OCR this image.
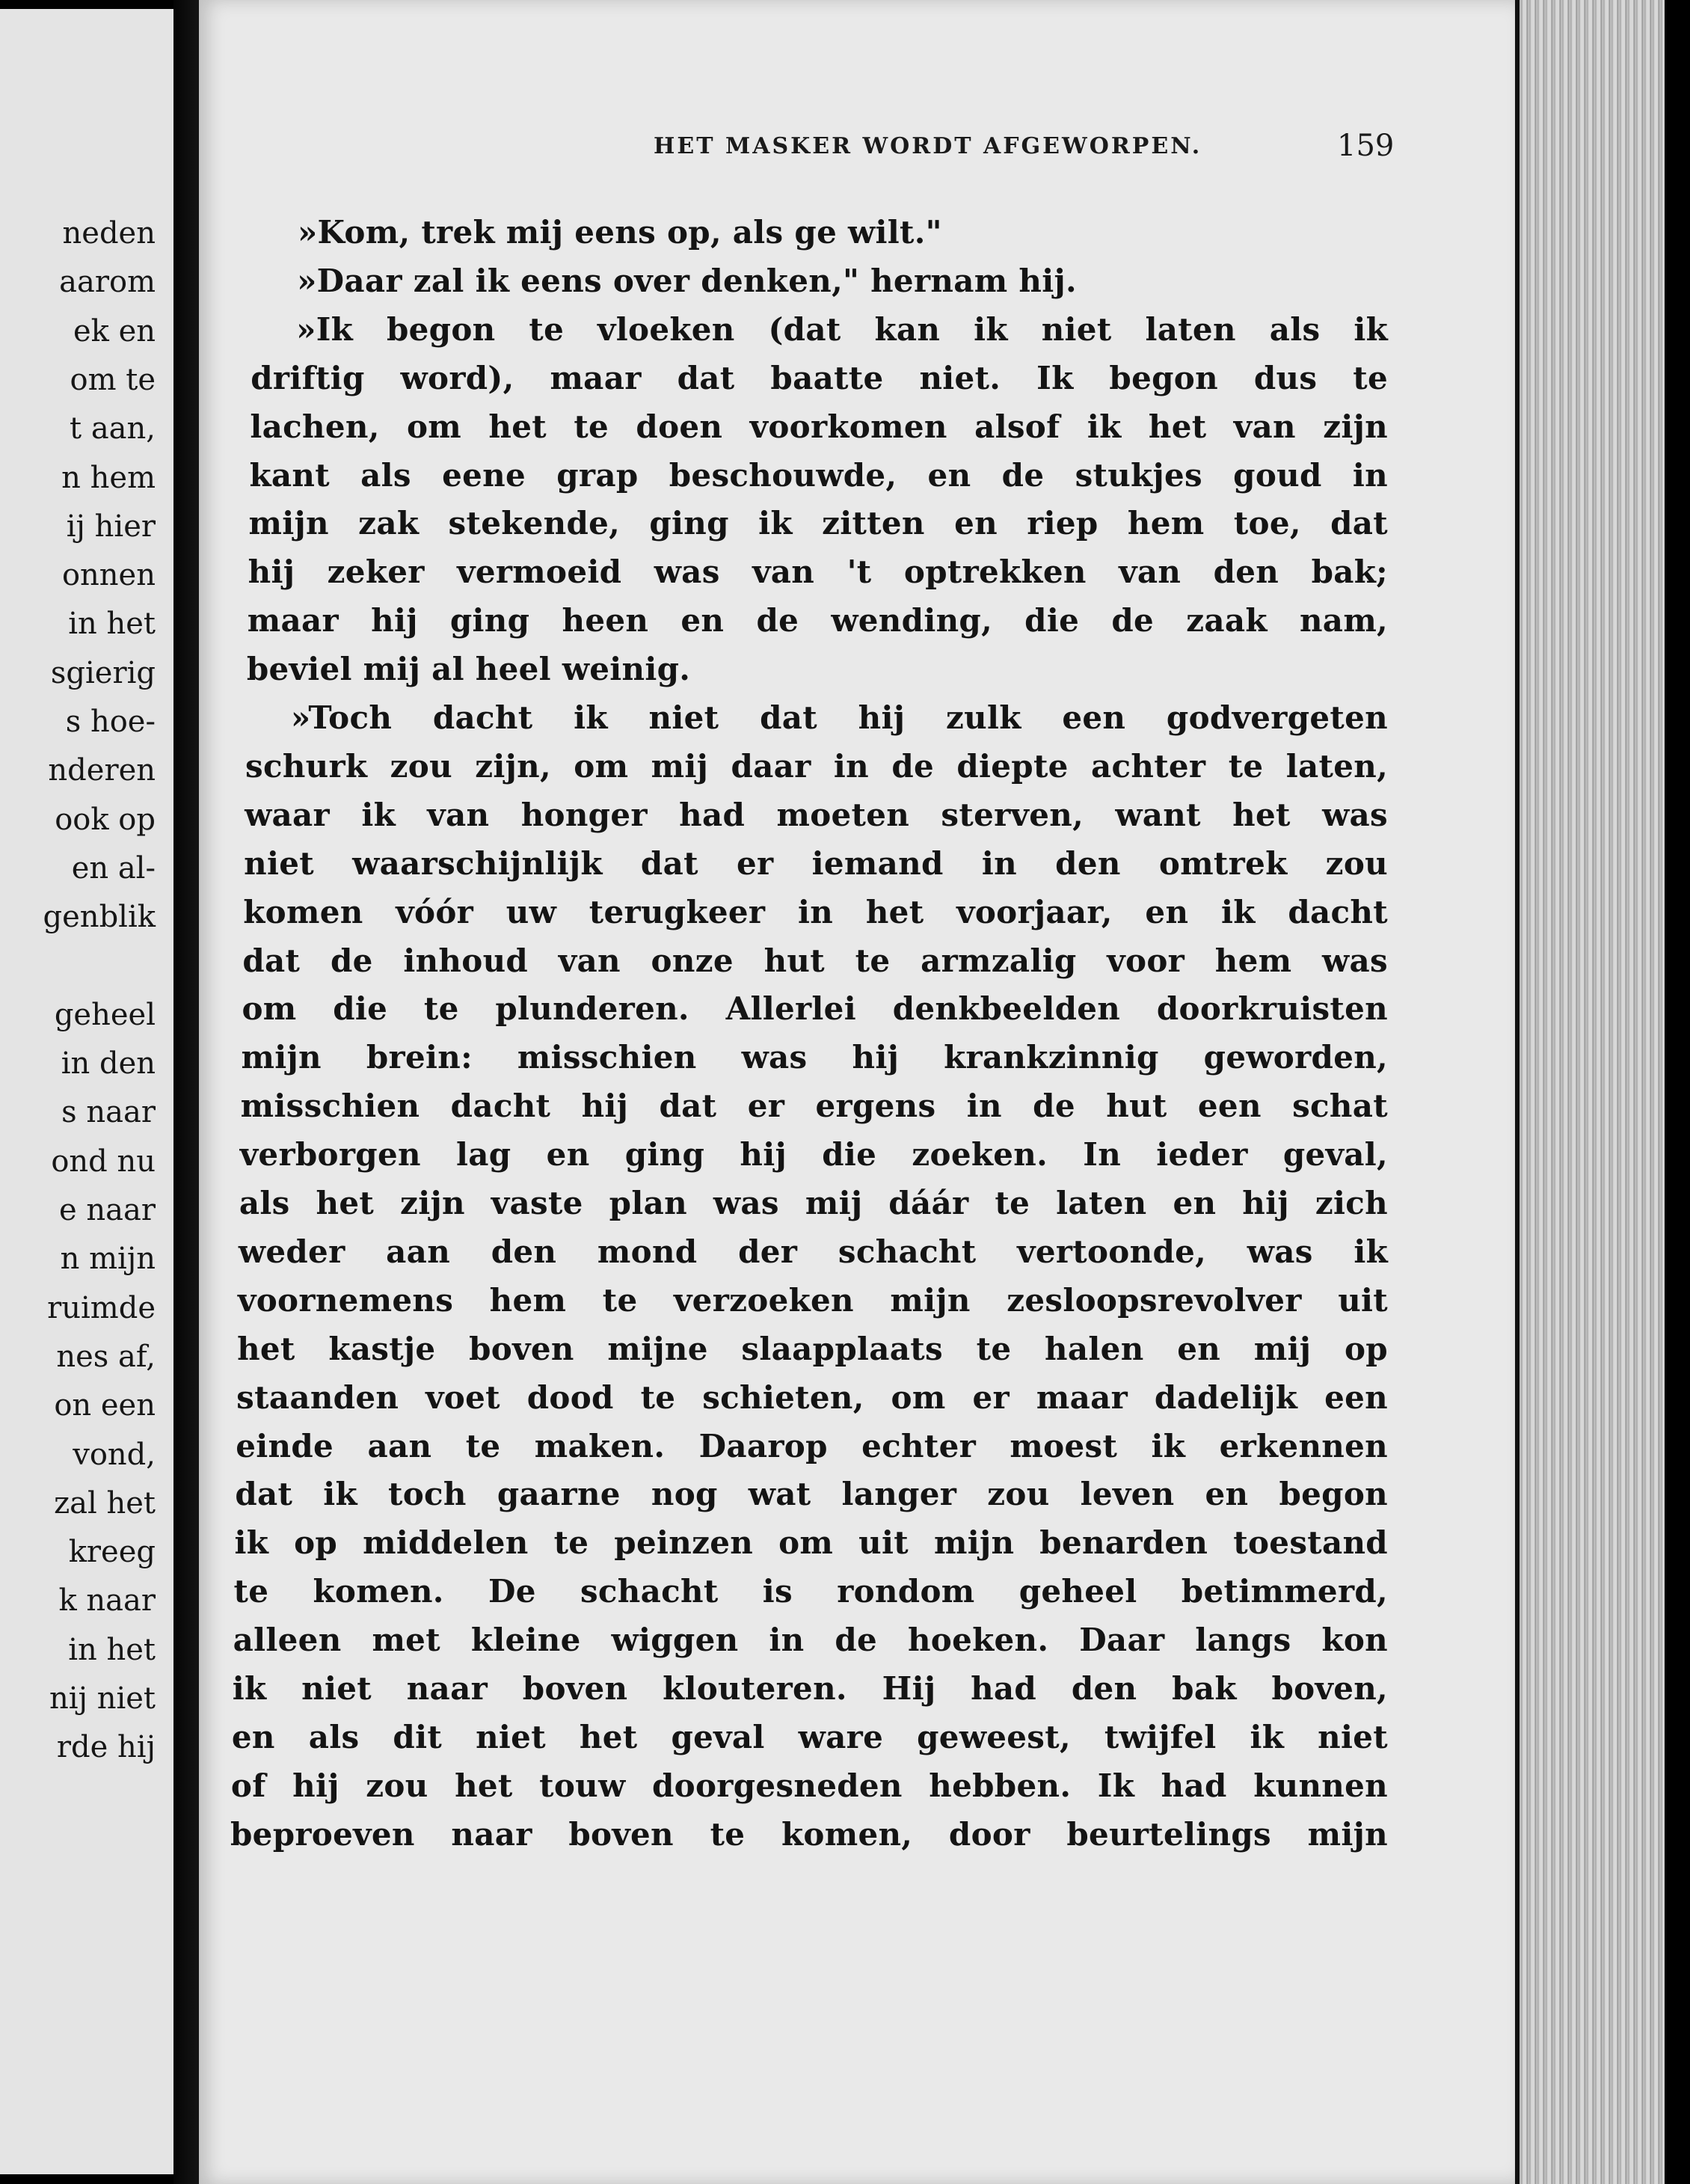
neden
aarom
ek en
om te
t aan,
n hem
ij hier
onnen
in het
sgierig
s hoe-
nderen
ook op
en al-
genblik
geheel
in den
s naar
ond nu
e naar
n mijn
ruimde
nes af,
on een
vond,
zal het
kreeg
k naar
in het
nij niet
rde hij
HET MASKER WORDT AFGEWORPEN.	159
»Kom, trek mij eens op, als ge wilt."
»Daar zal ik eens over denken," hernam hij.
»Ik begon te vloeken (dat kan ik niet laten als ik
driftig word), maar dat baatte niet. Ik begon dus te
lachen, om het te doen voorkomen alsof ik het van zijn
kant als eene grap beschouwde, en de stukjes goud in
mijn zak stekende, ging ik zitten en riep hem toe, dat
hij zeker vermoeid was van 't optrekken van den bak;
maar hij ging heen en de wending, die de zaak nam,
beviel mij al heel weinig.
»Toch dacht ik niet dat hij zulk een godvergeten
schurk zou zijn, om mij daar in de diepte achter te laten,
waar ik van honger had moeten sterven, want het was
niet waarschijnlijk dat er iemand in den omtrek zou
komen vóór uw terugkeer in het voorjaar, en ik dacht
dat de inhoud van onze hut te armzalig voor hem was
om die te plunderen. Allerlei denkbeelden doorkruisten
mijn brein: misschien was hij krankzinnig geworden,
misschien dacht hij dat er ergens in de hut een schat
verborgen lag en ging hij die zoeken. In ieder geval,
als het zijn vaste plan was mij dáár te laten en hij zich
weder aan den mond der schacht vertoonde, was ik
voornemens hem te verzoeken mijn zesloopsrevolver uit
het kastje boven mijne slaapplaats te halen en mij op
staanden voet dood te schieten, om er maar dadelijk een
einde aan te maken. Daarop echter moest ik erkennen
dat ik toch gaarne nog wat langer zou leven en begon
ik op middelen te peinzen om uit mijn benarden toestand
te komen. De schacht is rondom geheel betimmerd,
alleen met kleine wiggen in de hoeken. Daar langs kon
ik niet naar boven klouteren. Hij had den bak boven,
en als dit niet het geval ware geweest, twijfel ik niet
of hij zou het touw doorgesneden hebben. Ik had kunnen
beproeven naar boven te komen, door beurtelings mijn
